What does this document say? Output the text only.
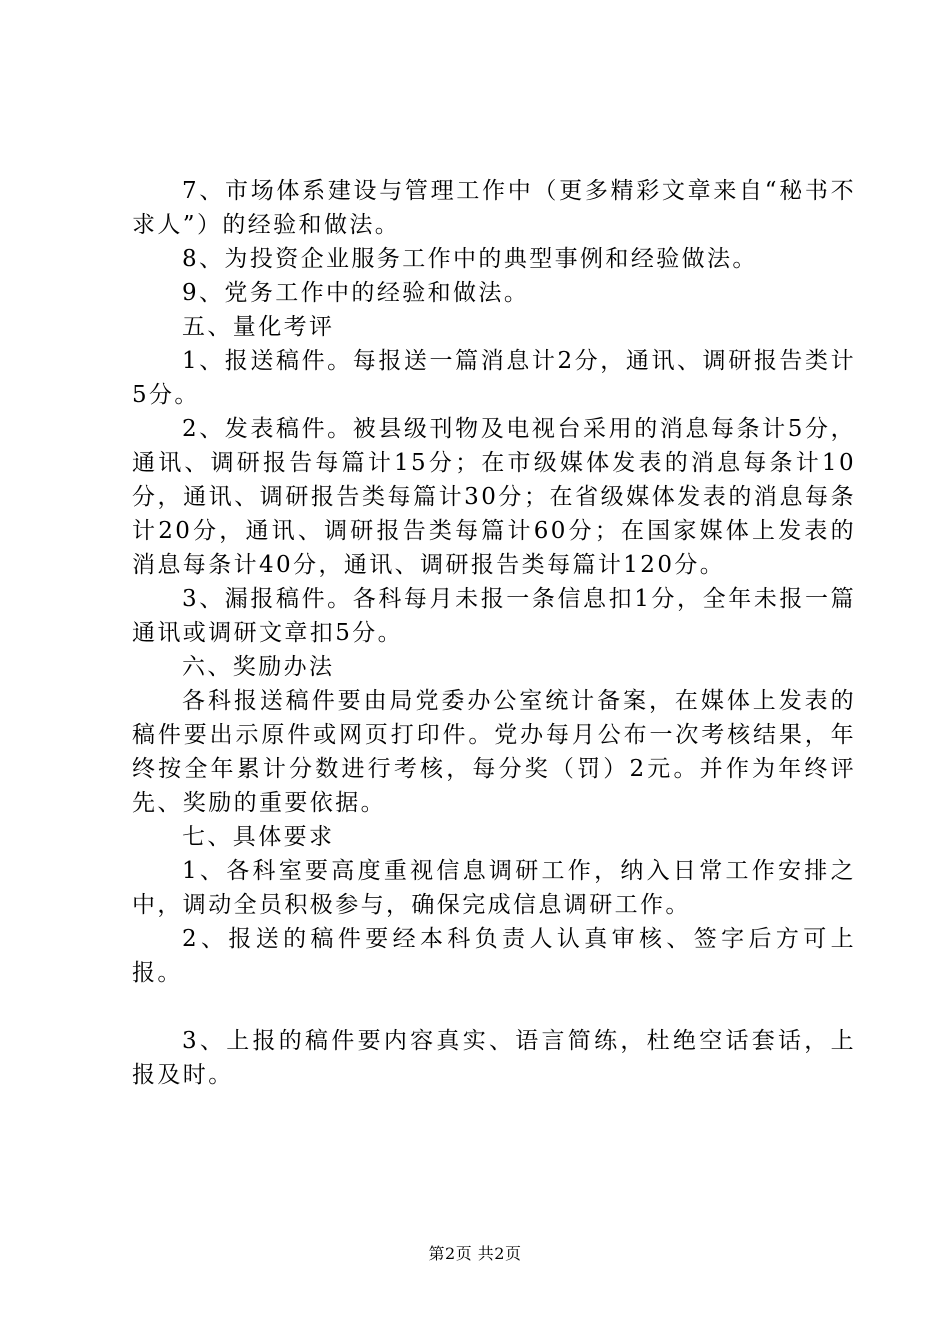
7、市场体系建设与管理工作中（更多精彩文章来自“秘书不求人”）的经验和做法。

8、为投资企业服务工作中的典型事例和经验做法。

9、党务工作中的经验和做法。

五、量化考评

1、报送稿件。每报送一篇消息计2分，通讯、调研报告类计5分。

2、发表稿件。被县级刊物及电视台采用的消息每条计5分，通讯、调研报告每篇计15分；在市级媒体发表的消息每条计10分，通讯、调研报告类每篇计30分；在省级媒体发表的消息每条计20分，通讯、调研报告类每篇计60分；在国家媒体上发表的消息每条计40分，通讯、调研报告类每篇计120分。

3、漏报稿件。各科每月未报一条信息扣1分，全年未报一篇通讯或调研文章扣5分。

六、奖励办法

各科报送稿件要由局党委办公室统计备案，在媒体上发表的稿件要出示原件或网页打印件。党办每月公布一次考核结果，年终按全年累计分数进行考核，每分奖（罚）2元。并作为年终评先、奖励的重要依据。

七、具体要求

1、各科室要高度重视信息调研工作，纳入日常工作安排之中，调动全员积极参与，确保完成信息调研工作。

2、报送的稿件要经本科负责人认真审核、签字后方可上报。

3、上报的稿件要内容真实、语言简练，杜绝空话套话，上报及时。

第2页 共2页
